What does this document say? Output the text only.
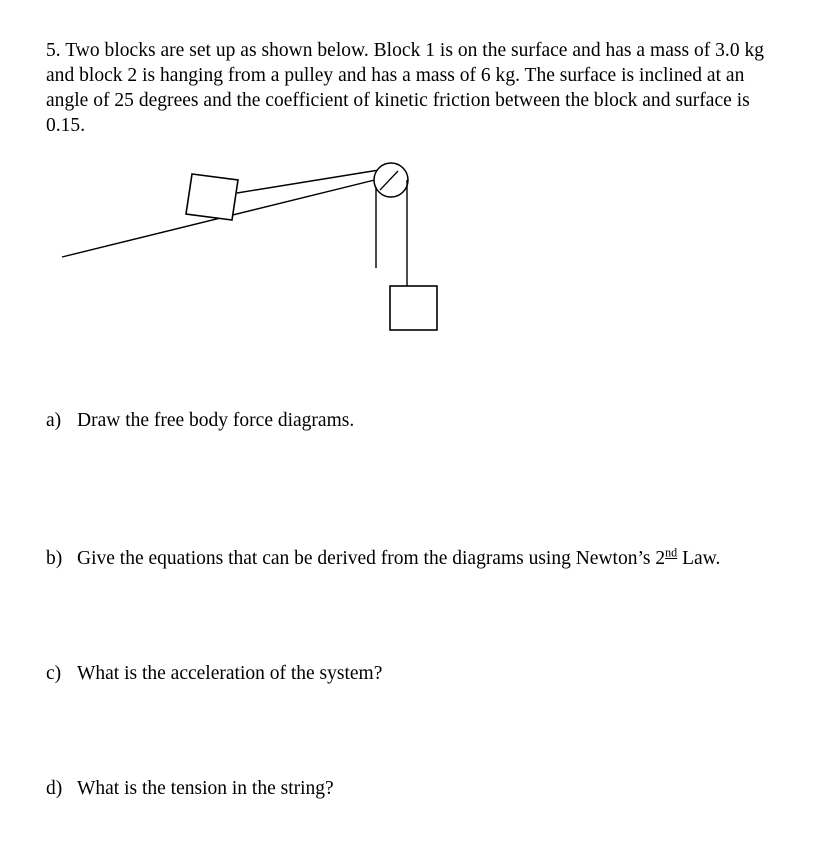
5. Two blocks are set up as shown below. Block 1 is on the surface and has a mass of 3.0 kg and block 2 is hanging from a pulley and has a mass of 6 kg. The surface is inclined at an angle of 25 degrees and the coefficient of kinetic friction between the block and surface is 0.15.

a) Draw the free body force diagrams.
b) Give the equations that can be derived from the diagrams using Newton’s 2nd Law.
c) What is the acceleration of the system?
d) What is the tension in the string?
